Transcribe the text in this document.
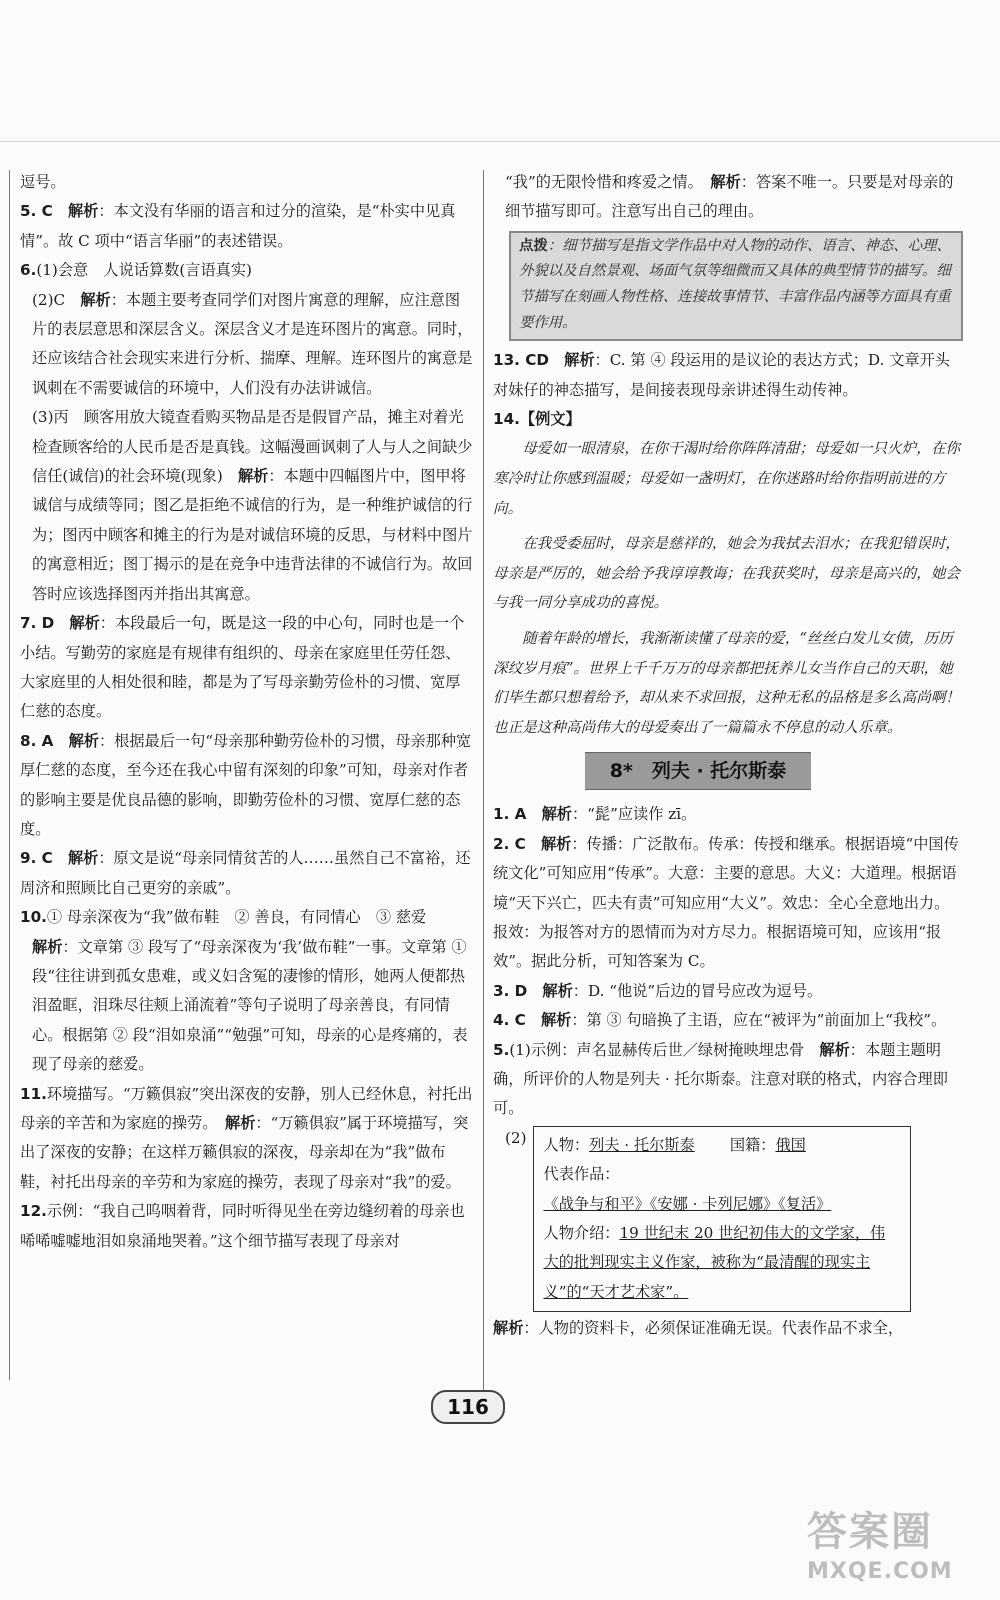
逗号。
5. C　 解析：本文没有华丽的语言和过分的渲染，是“朴实中见真情”。故 C 项中“语言华丽”的表述错误。
6.(1)会意　人说话算数(言语真实)
(2)C　解析：本题主要考查同学们对图片寓意的理解，应注意图片的表层意思和深层含义。深层含义才是连环图片的寓意。同时，还应该结合社会现实来进行分析、揣摩、理解。连环图片的寓意是讽刺在不需要诚信的环境中，人们没有办法讲诚信。
(3)丙　顾客用放大镜查看购买物品是否是假冒产品，摊主对着光检查顾客给的人民币是否是真钱。这幅漫画讽刺了人与人之间缺少信任(诚信)的社会环境(现象)　解析：本题中四幅图片中，图甲将诚信与成绩等同；图乙是拒绝不诚信的行为，是一种维护诚信的行为；图丙中顾客和摊主的行为是对诚信环境的反思，与材料中图片的寓意相近；图丁揭示的是在竞争中违背法律的不诚信行为。故回答时应该选择图丙并指出其寓意。
7. D　 解析：本段最后一句，既是这一段的中心句，同时也是一个小结。写勤劳的家庭是有规律有组织的、母亲在家庭里任劳任怨、大家庭里的人相处很和睦，都是为了写母亲勤劳俭朴的习惯、宽厚仁慈的态度。
8. A　 解析：根据最后一句“母亲那种勤劳俭朴的习惯，母亲那种宽厚仁慈的态度，至今还在我心中留有深刻的印象”可知，母亲对作者的影响主要是优良品德的影响，即勤劳俭朴的习惯、宽厚仁慈的态度。
9. C　 解析：原文是说“母亲同情贫苦的人……虽然自己不富裕，还周济和照顾比自己更穷的亲戚”。
10.① 母亲深夜为“我”做布鞋　② 善良，有同情心　③ 慈爱
解析：文章第 ③ 段写了“母亲深夜为‘我’做布鞋”一事。文章第 ① 段“往往讲到孤女患难，或义妇含冤的凄惨的情形，她两人便都热泪盈眶，泪珠尽往颊上涌流着”等句子说明了母亲善良，有同情心。根据第 ② 段“泪如泉涌”“勉强”可知，母亲的心是疼痛的，表现了母亲的慈爱。
11.环境描写。“万籁俱寂”突出深夜的安静，别人已经休息，衬托出母亲的辛苦和为家庭的操劳。　解析：“万籁俱寂”属于环境描写，突出了深夜的安静；在这样万籁俱寂的深夜，母亲却在为“我”做布鞋，衬托出母亲的辛劳和为家庭的操劳，表现了母亲对“我”的爱。
12.示例：“我自己呜咽着背，同时听得见坐在旁边缝纫着的母亲也唏唏嘘嘘地泪如泉涌地哭着。”这个细节描写表现了母亲对
“我”的无限怜惜和疼爱之情。　 解析：答案不唯一。只要是对母亲的细节描写即可。注意写出自己的理由。
点拨：细节描写是指文学作品中对人物的动作、语言、神态、心理、外貌以及自然景观、场面气氛等细微而又具体的典型情节的描写。细节描写在刻画人物性格、连接故事情节、丰富作品内涵等方面具有重要作用。
13. CD　 解析：C. 第 ④ 段运用的是议论的表达方式；D. 文章开头对妹仔的神态描写，是间接表现母亲讲述得生动传神。
14.【例文】

母爱如一眼清泉，在你干渴时给你阵阵清甜；母爱如一只火炉，在你寒冷时让你感到温暖；母爱如一盏明灯，在你迷路时给你指明前进的方向。

在我受委屈时，母亲是慈祥的，她会为我拭去泪水；在我犯错误时，母亲是严厉的，她会给予我谆谆教诲；在我获奖时，母亲是高兴的，她会与我一同分享成功的喜悦。

随着年龄的增长，我渐渐读懂了母亲的爱，“丝丝白发儿女债，历历深纹岁月痕”。世界上千千万万的母亲都把抚养儿女当作自己的天职，她们毕生都只想着给予，却从来不求回报，这种无私的品格是多么高尚啊！也正是这种高尚伟大的母爱奏出了一篇篇永不停息的动人乐章。

8*　列夫 · 托尔斯泰
1. A　 解析：“髭”应读作 zī。
2. C　 解析：传播：广泛散布。传承：传授和继承。根据语境“中国传统文化”可知应用“传承”。大意：主要的意思。大义：大道理。根据语境“天下兴亡，匹夫有责”可知应用“大义”。效忠：全心全意地出力。报效：为报答对方的恩情而为对方尽力。根据语境可知，应该用“报效”。据此分析，可知答案为 C。
3. D　 解析：D. “他说”后边的冒号应改为逗号。
4. C　 解析：第 ③ 句暗换了主语，应在“被评为”前面加上“我校”。
5.(1)示例：声名显赫传后世／绿树掩映埋忠骨　解析：本题主题明确，所评价的人物是列夫 · 托尔斯泰。注意对联的格式，内容合理即可。
(2) 人物：列夫 · 托尔斯泰 　　 国籍：俄国
代表作品：《战争与和平》《安娜 · 卡列尼娜》《复活》
人物介绍：19 世纪末 20 世纪初伟大的文学家，伟大的批判现实主义作家，被称为“最清醒的现实主义”的“天才艺术家”。
解析：人物的资料卡，必须保证准确无误。代表作品不求全，
116
答案圈
MXQE.COM
